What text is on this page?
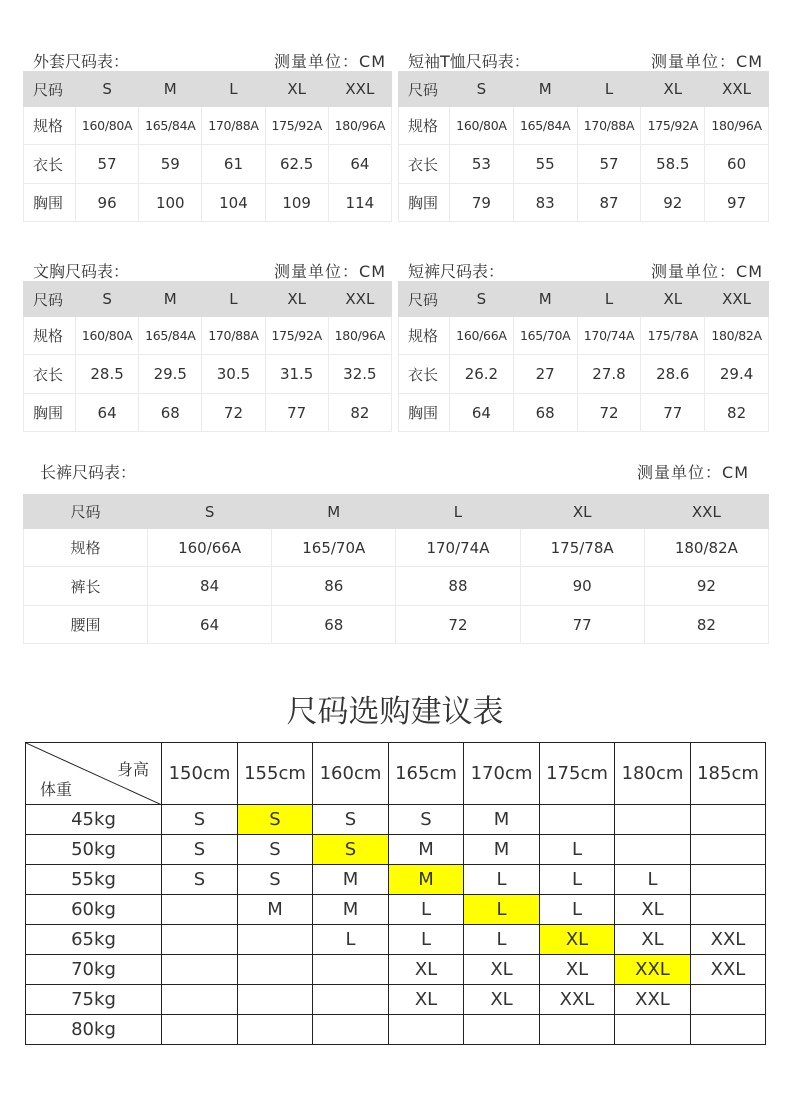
外套尺码表：	测量单位：CM
尺码	S	M	L	XL	XXL
规格	160/80A	165/84A	170/88A	175/92A	180/96A
衣长	57	59	61	62.5	64
胸围	96	100	104	109	114
短袖T恤尺码表：	测量单位：CM
尺码	S	M	L	XL	XXL
规格	160/80A	165/84A	170/88A	175/92A	180/96A
衣长	53	55	57	58.5	60
胸围	79	83	87	92	97
文胸尺码表：	测量单位：CM
尺码	S	M	L	XL	XXL
规格	160/80A	165/84A	170/88A	175/92A	180/96A
衣长	28.5	29.5	30.5	31.5	32.5
胸围	64	68	72	77	82
短裤尺码表：	测量单位：CM
尺码	S	M	L	XL	XXL
规格	160/66A	165/70A	170/74A	175/78A	180/82A
衣长	26.2	27	27.8	28.6	29.4
胸围	64	68	72	77	82
长裤尺码表：	测量单位：CM
尺码	S	M	L	XL	XXL
规格	160/66A	165/70A	170/74A	175/78A	180/82A
裤长	84	86	88	90	92
腰围	64	68	72	77	82
尺码选购建议表
身高
体重	150cm	155cm	160cm	165cm	170cm	175cm	180cm	185cm
45kg	S	S	S	S	M			
50kg	S	S	S	M	M	L		
55kg	S	S	M	M	L	L	L	
60kg		M	M	L	L	L	XL	
65kg			L	L	L	XL	XL	XXL
70kg				XL	XL	XL	XXL	XXL
75kg				XL	XL	XXL	XXL	
80kg								
